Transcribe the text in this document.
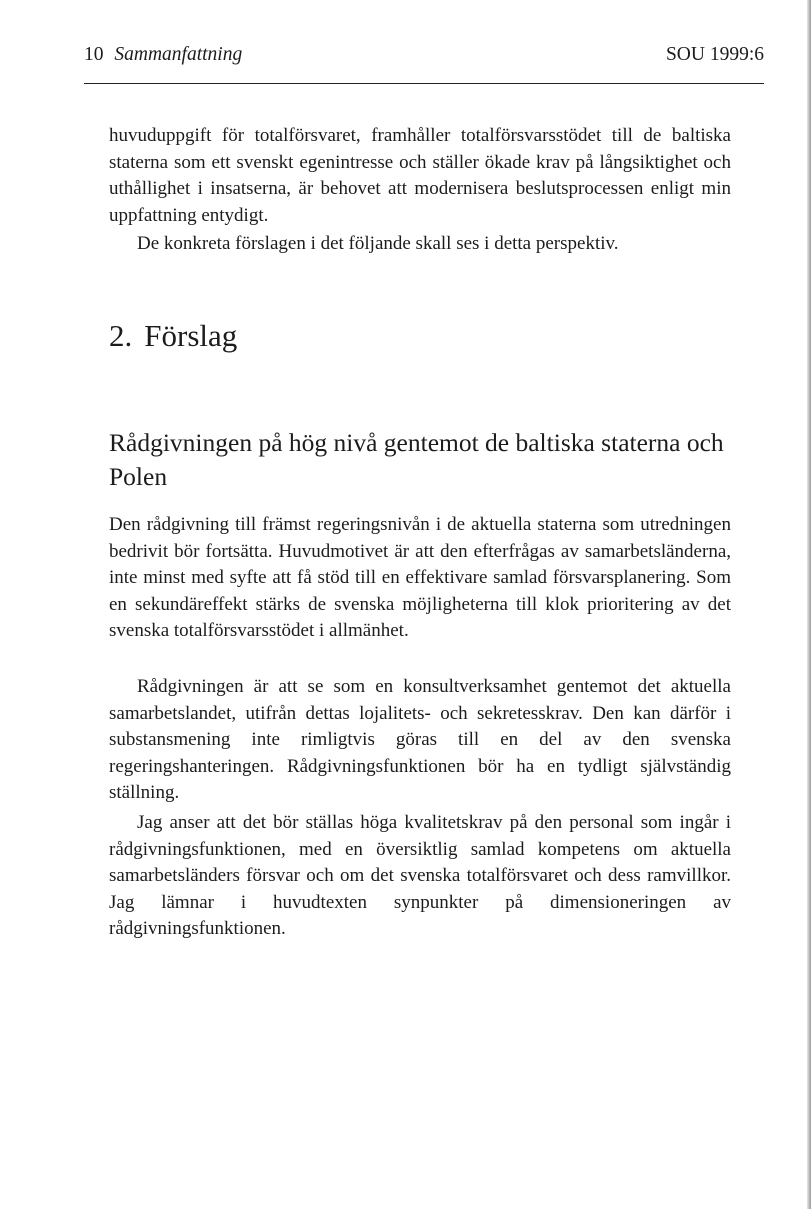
10 Sammanfattning	SOU 1999:6

huvuduppgift för totalförsvaret, framhåller totalförsvarsstödet till de baltiska staterna som ett svenskt egenintresse och ställer ökade krav på långsiktighet och uthållighet i insatserna, är behovet att modernisera beslutsprocessen enligt min uppfattning entydigt.

De konkreta förslagen i det följande skall ses i detta perspektiv.

2. Förslag
Rådgivningen på hög nivå gentemot de baltiska staterna och Polen

Den rådgivning till främst regeringsnivån i de aktuella staterna som utredningen bedrivit bör fortsätta. Huvudmotivet är att den efterfrågas av samarbetsländerna, inte minst med syfte att få stöd till en effektivare samlad försvarsplanering. Som en sekundäreffekt stärks de svenska möjligheterna till klok prioritering av det svenska totalförsvarsstödet i allmänhet.

Rådgivningen är att se som en konsultverksamhet gentemot det aktuella samarbetslandet, utifrån dettas lojalitets- och sekretesskrav. Den kan därför i substansmening inte rimligtvis göras till en del av den svenska regeringshanteringen. Rådgivningsfunktionen bör ha en tydligt självständig ställning.

Jag anser att det bör ställas höga kvalitetskrav på den personal som ingår i rådgivningsfunktionen, med en översiktlig samlad kompetens om aktuella samarbetsländers försvar och om det svenska totalförsvaret och dess ramvillkor. Jag lämnar i huvudtexten synpunkter på dimensioneringen av rådgivningsfunktionen.
